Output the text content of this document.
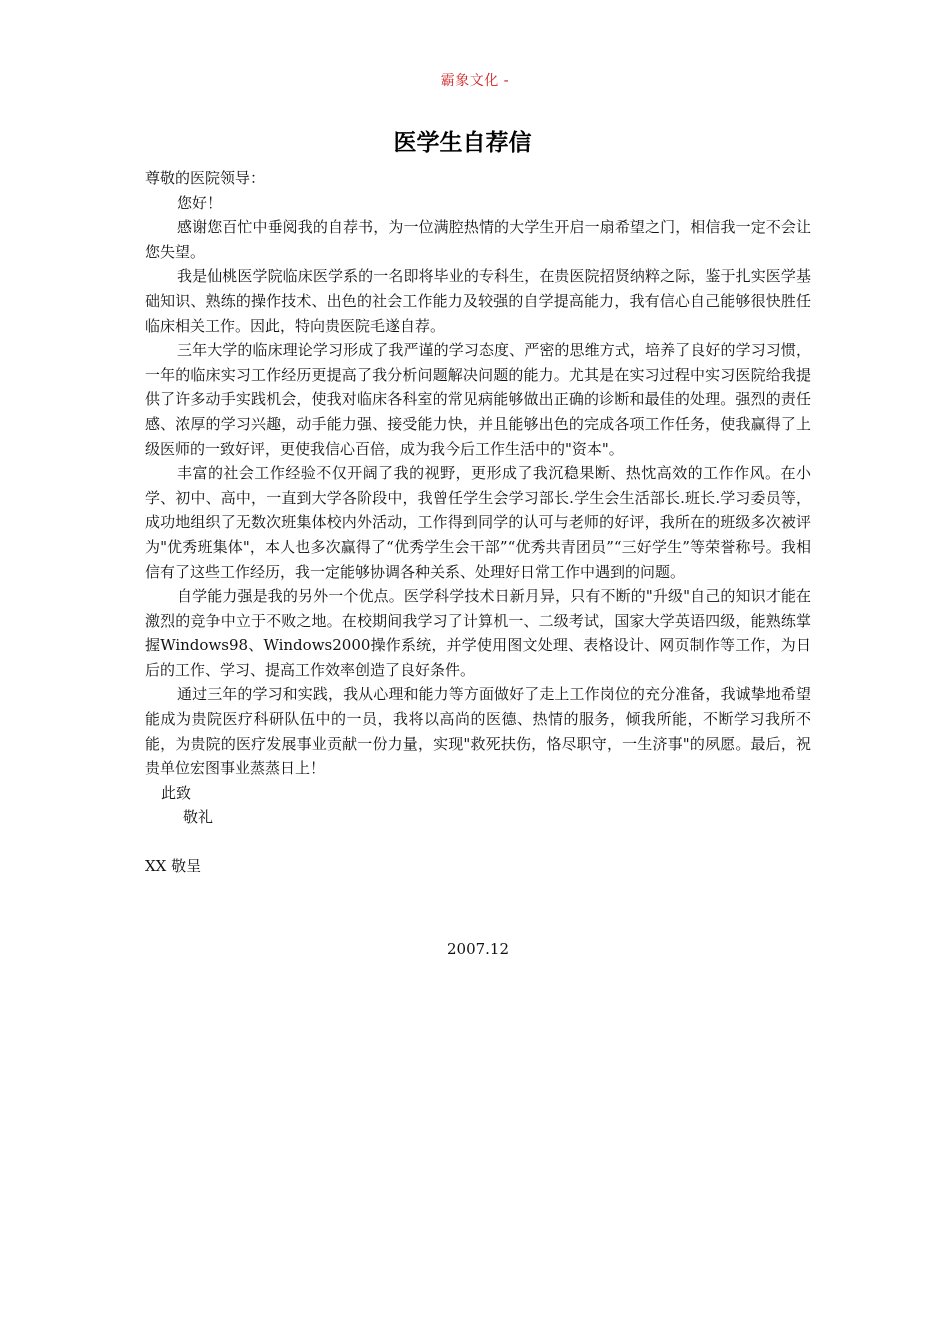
霸象文化 -
医学生自荐信

尊敬的医院领导：

您好！

感谢您百忙中垂阅我的自荐书，为一位满腔热情的大学生开启一扇希望之门，相信我一定不会让您失望。

我是仙桃医学院临床医学系的一名即将毕业的专科生，在贵医院招贤纳粹之际，鉴于扎实医学基础知识、熟练的操作技术、出色的社会工作能力及较强的自学提高能力，我有信心自己能够很快胜任临床相关工作。因此，特向贵医院毛遂自荐。

三年大学的临床理论学习形成了我严谨的学习态度、严密的思维方式，培养了良好的学习习惯，一年的临床实习工作经历更提高了我分析问题解决问题的能力。尤其是在实习过程中实习医院给我提供了许多动手实践机会，使我对临床各科室的常见病能够做出正确的诊断和最佳的处理。强烈的责任感、浓厚的学习兴趣，动手能力强、接受能力快，并且能够出色的完成各项工作任务，使我赢得了上级医师的一致好评，更使我信心百倍，成为我今后工作生活中的"资本"。

丰富的社会工作经验不仅开阔了我的视野，更形成了我沉稳果断、热忱高效的工作作风。在小学、初中、高中，一直到大学各阶段中，我曾任学生会学习部长.学生会生活部长.班长.学习委员等，成功地组织了无数次班集体校内外活动，工作得到同学的认可与老师的好评，我所在的班级多次被评为"优秀班集体"，本人也多次赢得了“优秀学生会干部”“优秀共青团员”“三好学生”等荣誉称号。我相信有了这些工作经历，我一定能够协调各种关系、处理好日常工作中遇到的问题。

自学能力强是我的另外一个优点。医学科学技术日新月异，只有不断的"升级"自己的知识才能在激烈的竞争中立于不败之地。在校期间我学习了计算机一、二级考试，国家大学英语四级，能熟练掌握Windows98、Windows2000操作系统，并学使用图文处理、表格设计、网页制作等工作，为日后的工作、学习、提高工作效率创造了良好条件。

通过三年的学习和实践，我从心理和能力等方面做好了走上工作岗位的充分准备，我诚挚地希望能成为贵院医疗科研队伍中的一员，我将以高尚的医德、热情的服务，倾我所能，不断学习我所不能，为贵院的医疗发展事业贡献一份力量，实现"救死扶伤，恪尽职守，一生济事"的夙愿。最后，祝贵单位宏图事业蒸蒸日上！

此致

敬礼

XX 敬呈

2007.12
